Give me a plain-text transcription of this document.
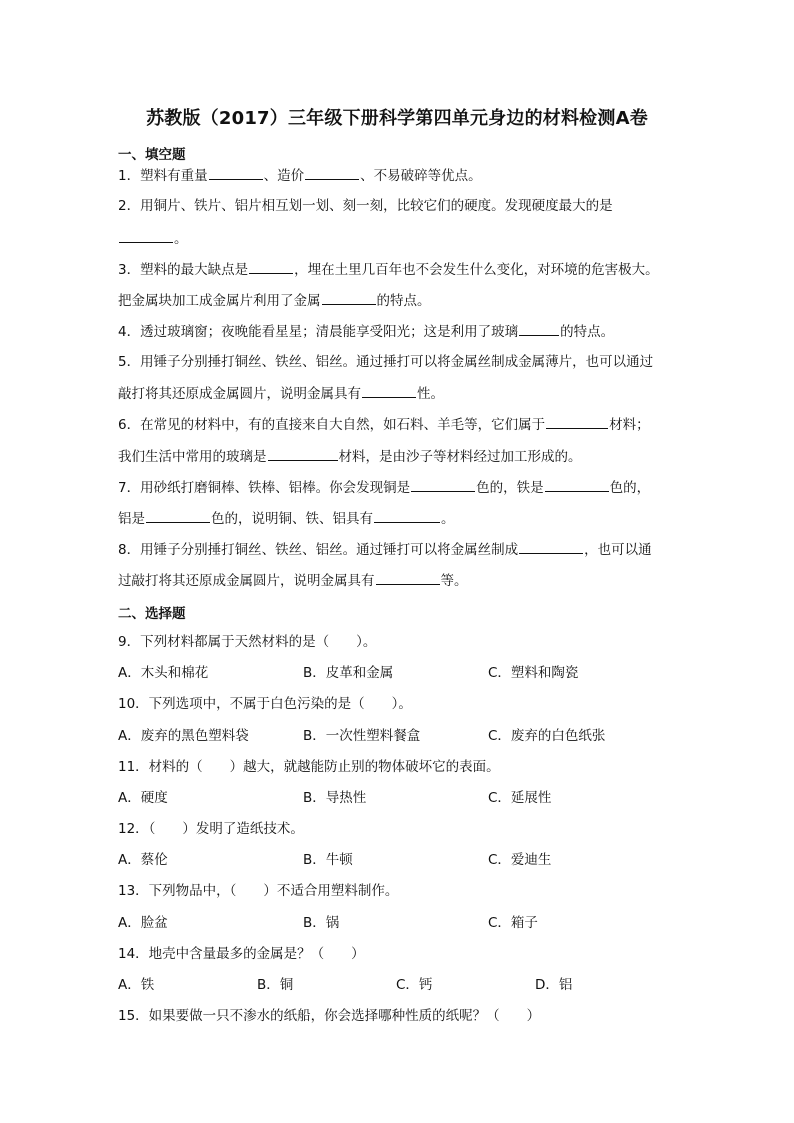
苏教版（2017）三年级下册科学第四单元身边的材料检测A卷
一、填空题
1．塑料有重量	、造价	、不易破碎等优点。
2．用铜片、铁片、铝片相互划一划、刻一刻，比较它们的硬度。发现硬度最大的是
。
3．塑料的最大缺点是	，埋在土里几百年也不会发生什么变化，对环境的危害极大。
把金属块加工成金属片利用了金属	的特点。
4．透过玻璃窗；夜晚能看星星；清晨能享受阳光；这是利用了玻璃	的特点。
5．用锤子分别捶打铜丝、铁丝、铝丝。通过捶打可以将金属丝制成金属薄片，也可以通过
敲打将其还原成金属圆片，说明金属具有	性。
6．在常见的材料中，有的直接来自大自然，如石料、羊毛等，它们属于	材料；
我们生活中常用的玻璃是	材料，是由沙子等材料经过加工形成的。
7．用砂纸打磨铜棒、铁棒、铝棒。你会发现铜是	色的，铁是	色的，
铝是	色的，说明铜、铁、铝具有	。
8．用锤子分别捶打铜丝、铁丝、铝丝。通过锤打可以将金属丝制成	，也可以通
过敲打将其还原成金属圆片，说明金属具有	等。
二、选择题
9．下列材料都属于天然材料的是（　　）。
A．木头和棉花	B．皮革和金属	C．塑料和陶瓷
10．下列选项中，不属于白色污染的是（　　）。
A．废弃的黑色塑料袋	B．一次性塑料餐盒	C．废弃的白色纸张
11．材料的（　　）越大，就越能防止别的物体破坏它的表面。
A．硬度	B．导热性	C．延展性
12．（　　）发明了造纸技术。
A．蔡伦	B．牛顿	C．爱迪生
13．下列物品中，（　　）不适合用塑料制作。
A．脸盆	B．锅	C．箱子
14．地壳中含量最多的金属是？（　　）
A．铁	B．铜	C．钙	D．铝
15．如果要做一只不渗水的纸船，你会选择哪种性质的纸呢？（　　）
